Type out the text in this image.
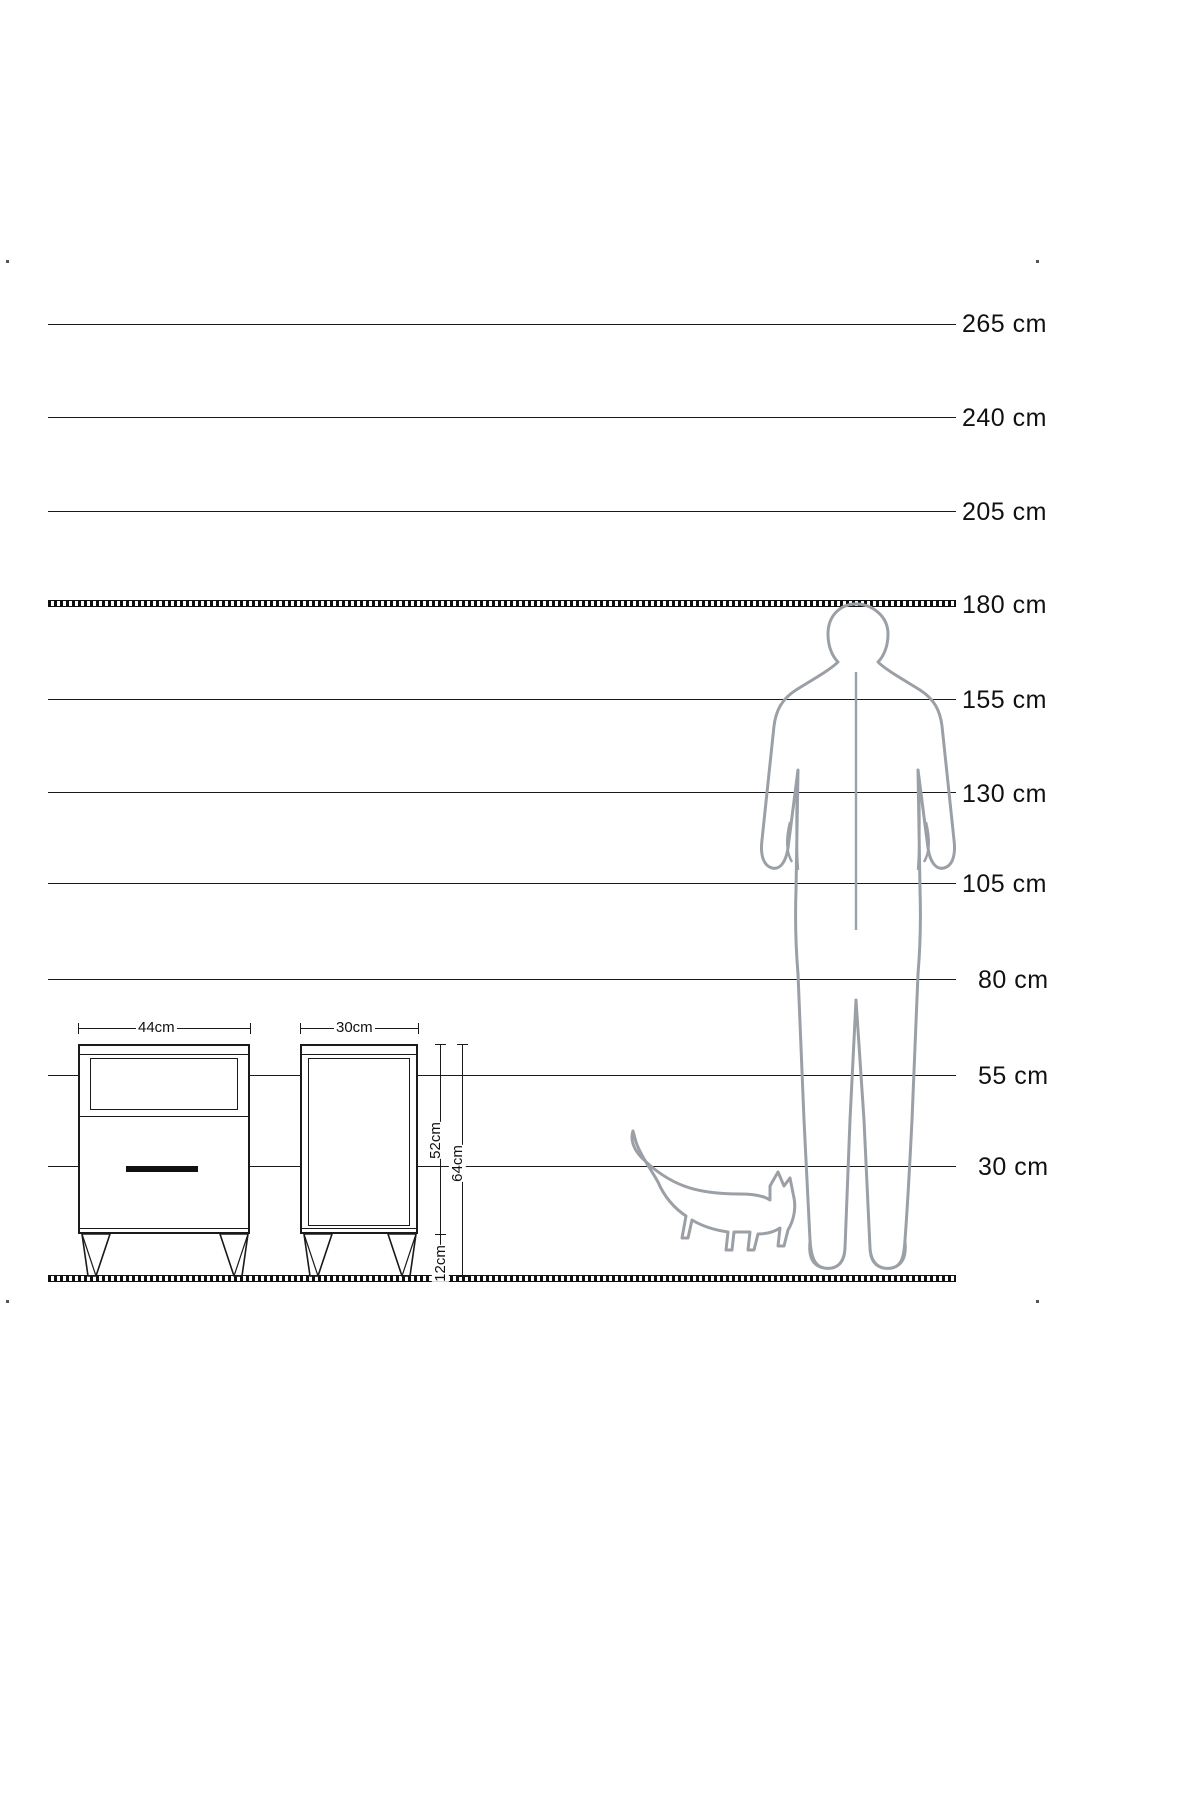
265 cm
240 cm
205 cm
180 cm
155 cm
130 cm
105 cm
80 cm
55 cm
30 cm
44cm	30cm
52cm
12cm
64cm
